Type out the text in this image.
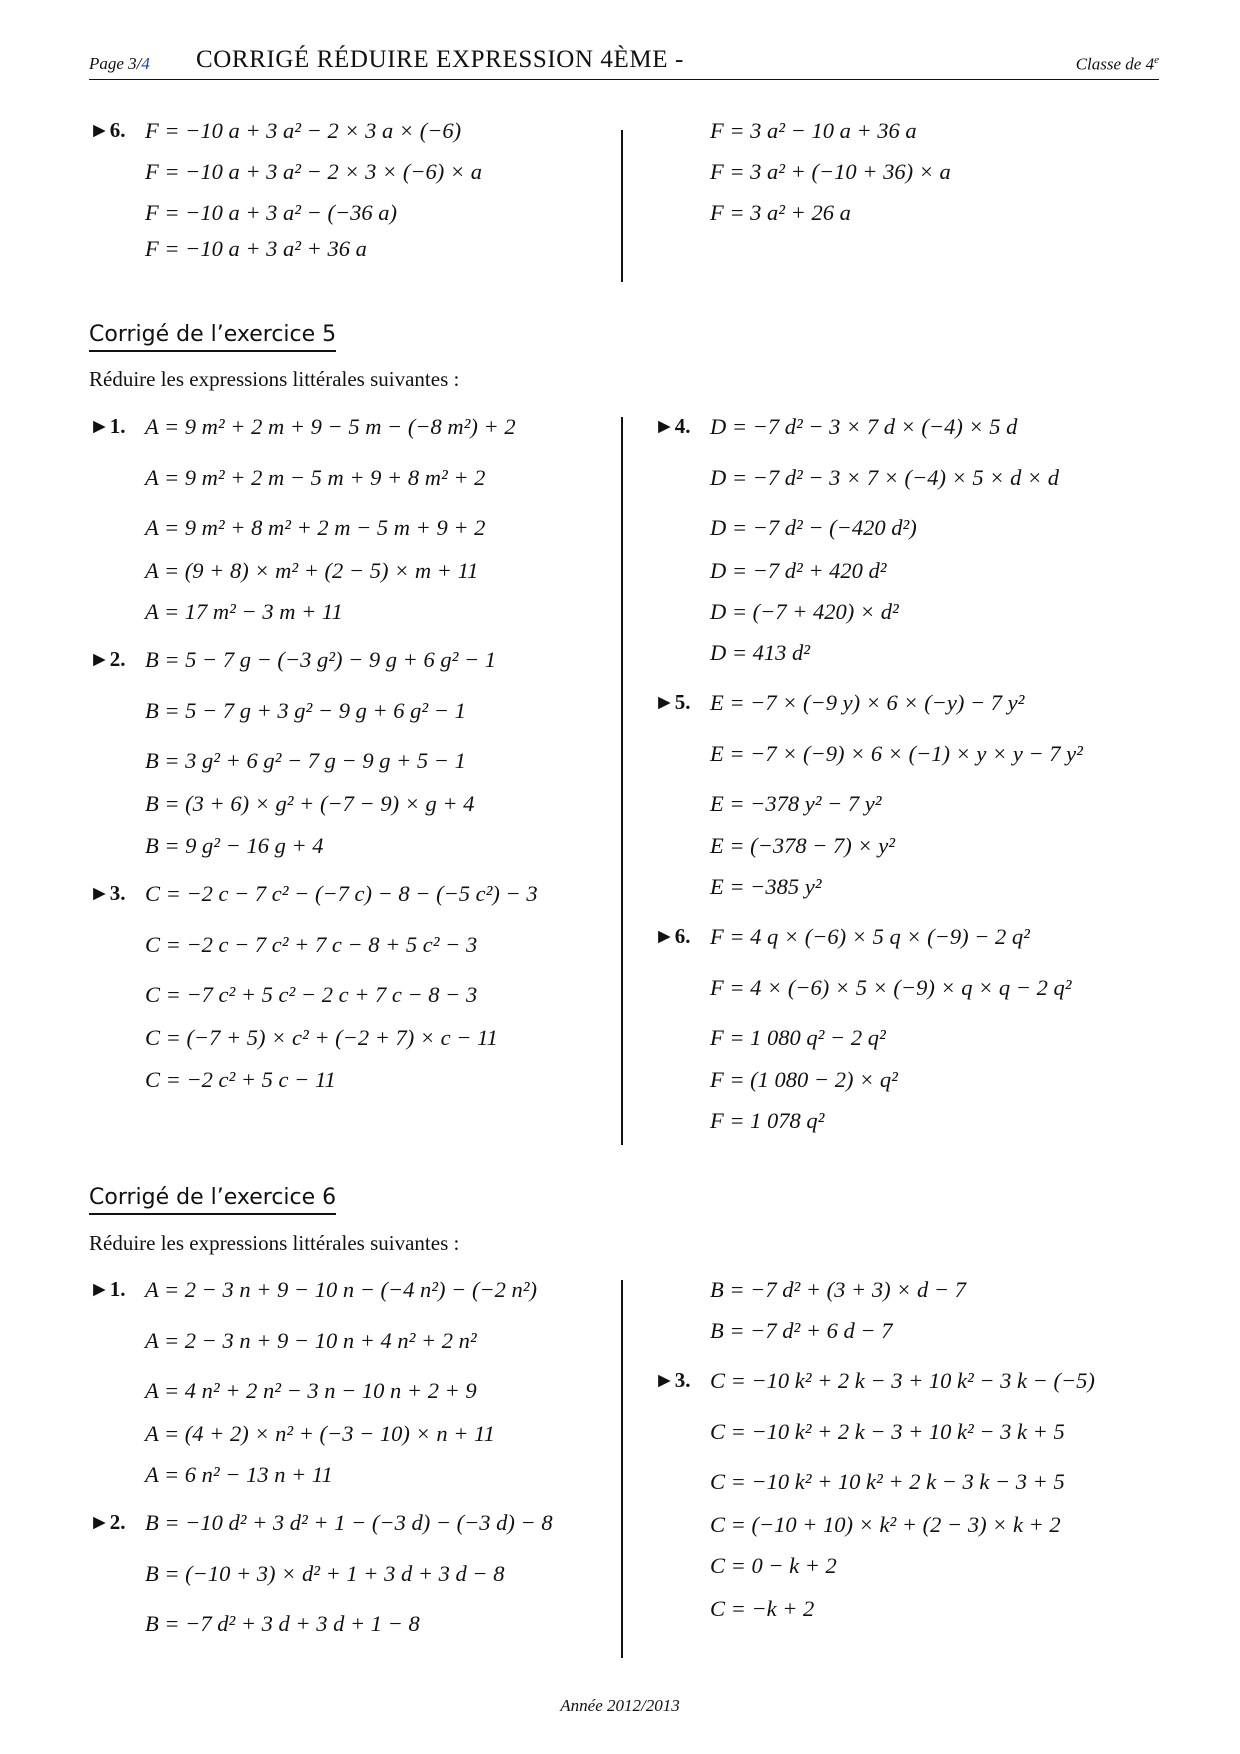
Page 3/4 CORRIGÉ RÉDUIRE EXPRESSION 4ÈME -	Classe de 4e
►6. F = −10 a + 3 a² − 2 × 3 a × (−6)
F = −10 a + 3 a² − 2 × 3 × (−6) × a
F = −10 a + 3 a² − (−36 a)
F = −10 a + 3 a² + 36 a
F = 3 a² − 10 a + 36 a
F = 3 a² + (−10 + 36) × a
F = 3 a² + 26 a
Corrigé de l’exercice 5
Réduire les expressions littérales suivantes :
►1. A = 9 m² + 2 m + 9 − 5 m − (−8 m²) + 2
A = 9 m² + 2 m − 5 m + 9 + 8 m² + 2
A = 9 m² + 8 m² + 2 m − 5 m + 9 + 2
A = (9 + 8) × m² + (2 − 5) × m + 11
A = 17 m² − 3 m + 11
►2. B = 5 − 7 g − (−3 g²) − 9 g + 6 g² − 1
B = 5 − 7 g + 3 g² − 9 g + 6 g² − 1
B = 3 g² + 6 g² − 7 g − 9 g + 5 − 1
B = (3 + 6) × g² + (−7 − 9) × g + 4
B = 9 g² − 16 g + 4
►3. C = −2 c − 7 c² − (−7 c) − 8 − (−5 c²) − 3
C = −2 c − 7 c² + 7 c − 8 + 5 c² − 3
C = −7 c² + 5 c² − 2 c + 7 c − 8 − 3
C = (−7 + 5) × c² + (−2 + 7) × c − 11
C = −2 c² + 5 c − 11
►4. D = −7 d² − 3 × 7 d × (−4) × 5 d
D = −7 d² − 3 × 7 × (−4) × 5 × d × d
D = −7 d² − (−420 d²)
D = −7 d² + 420 d²
D = (−7 + 420) × d²
D = 413 d²
►5. E = −7 × (−9 y) × 6 × (−y) − 7 y²
E = −7 × (−9) × 6 × (−1) × y × y − 7 y²
E = −378 y² − 7 y²
E = (−378 − 7) × y²
E = −385 y²
►6. F = 4 q × (−6) × 5 q × (−9) − 2 q²
F = 4 × (−6) × 5 × (−9) × q × q − 2 q²
F = 1 080 q² − 2 q²
F = (1 080 − 2) × q²
F = 1 078 q²
Corrigé de l’exercice 6
Réduire les expressions littérales suivantes :
►1. A = 2 − 3 n + 9 − 10 n − (−4 n²) − (−2 n²)
A = 2 − 3 n + 9 − 10 n + 4 n² + 2 n²
A = 4 n² + 2 n² − 3 n − 10 n + 2 + 9
A = (4 + 2) × n² + (−3 − 10) × n + 11
A = 6 n² − 13 n + 11
►2. B = −10 d² + 3 d² + 1 − (−3 d) − (−3 d) − 8
B = (−10 + 3) × d² + 1 + 3 d + 3 d − 8
B = −7 d² + 3 d + 3 d + 1 − 8
B = −7 d² + (3 + 3) × d − 7
B = −7 d² + 6 d − 7
►3. C = −10 k² + 2 k − 3 + 10 k² − 3 k − (−5)
C = −10 k² + 2 k − 3 + 10 k² − 3 k + 5
C = −10 k² + 10 k² + 2 k − 3 k − 3 + 5
C = (−10 + 10) × k² + (2 − 3) × k + 2
C = 0 − k + 2
C = −k + 2
Année 2012/2013
